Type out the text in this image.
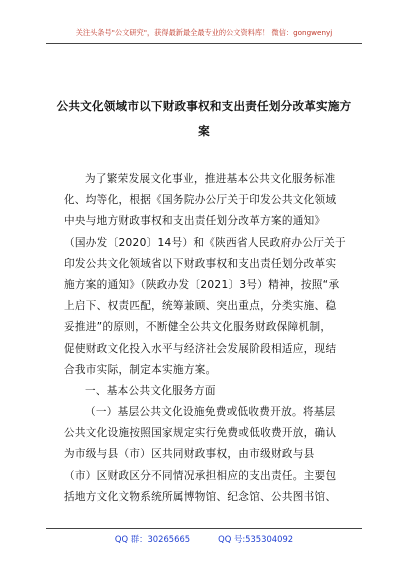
关注头条号"公文研究"，获得最新最全最专业的公文资料库！ 微信：gongwenyj
公共文化领域市以下财政事权和支出责任划分改革实施方
案
为了繁荣发展文化事业，推进基本公共文化服务标准
化、均等化，根据《国务院办公厅关于印发公共文化领域
中央与地方财政事权和支出责任划分改革方案的通知》
（国办发〔2020〕14号）和《陕西省人民政府办公厅关于
印发公共文化领域省以下财政事权和支出责任划分改革实
施方案的通知》（陕政办发〔2021〕3号）精神，按照“承
上启下、权责匹配，统筹兼顾、突出重点，分类实施、稳
妥推进”的原则，不断健全公共文化服务财政保障机制，
促使财政文化投入水平与经济社会发展阶段相适应，现结
合我市实际，制定本实施方案。
一、基本公共文化服务方面
（一）基层公共文化设施免费或低收费开放。将基层
公共文化设施按照国家规定实行免费或低收费开放，确认
为市级与县（市）区共同财政事权，由市级财政与县
（市）区财政区分不同情况承担相应的支出责任。主要包
括地方文化文物系统所属博物馆、纪念馆、公共图书馆、
QQ 群：30265665	QQ 号:535304092
